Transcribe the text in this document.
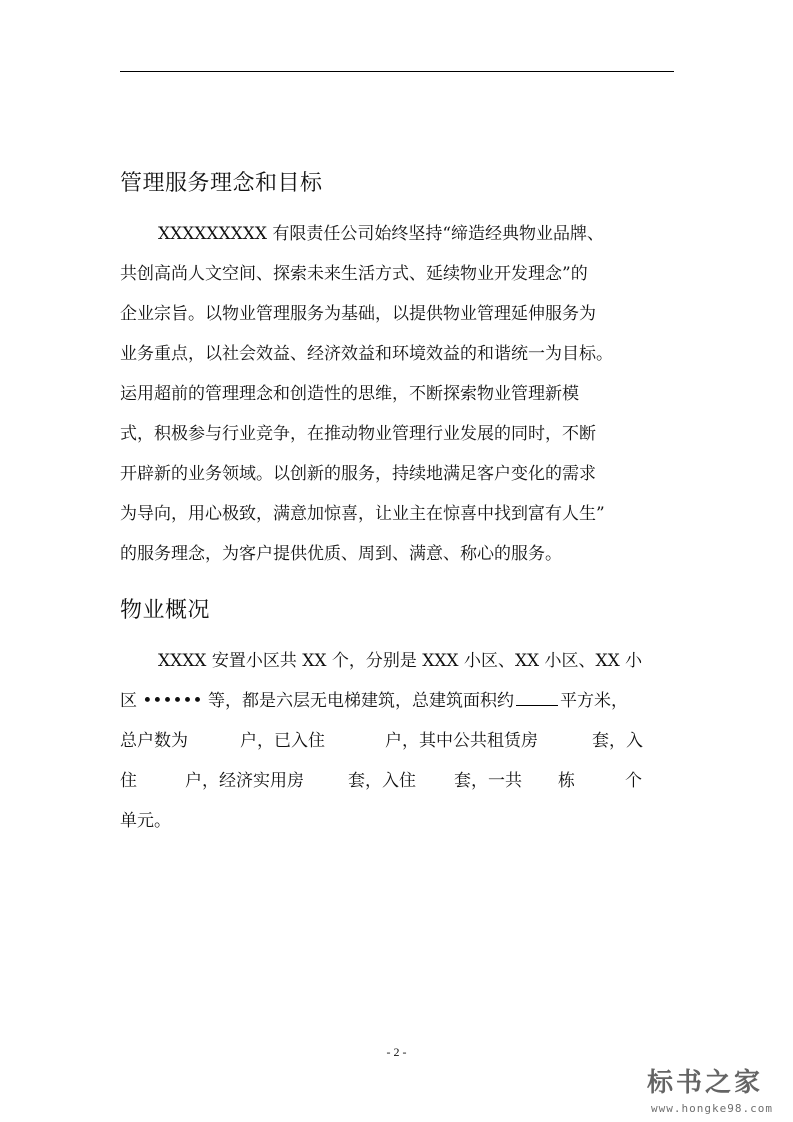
管理服务理念和目标
XXXXXXXXX 有限责任公司始终坚持“缔造经典物业品牌、
共创高尚人文空间、探索未来生活方式、延续物业开发理念”的
企业宗旨。以物业管理服务为基础，以提供物业管理延伸服务为
业务重点，以社会效益、经济效益和环境效益的和谐统一为目标。
运用超前的管理理念和创造性的思维，不断探索物业管理新模
式，积极参与行业竞争，在推动物业管理行业发展的同时，不断
开辟新的业务领域。以创新的服务，持续地满足客户变化的需求
为导向，用心极致，满意加惊喜，让业主在惊喜中找到富有人生”
的服务理念，为客户提供优质、周到、满意、称心的服务。
物业概况
XXXX 安置小区共 XX 个，分别是 XXX 小区、XX 小区、XX 小
区 •••••• 等，都是六层无电梯建筑，总建筑面积约	平方米，
总户数为	户，已入住	户，其中公共租赁房	套，入
住	户，经济实用房	套，入住 套，一共 栋	个
单元。
- 2 -
标书之家
www.hongke98.com
